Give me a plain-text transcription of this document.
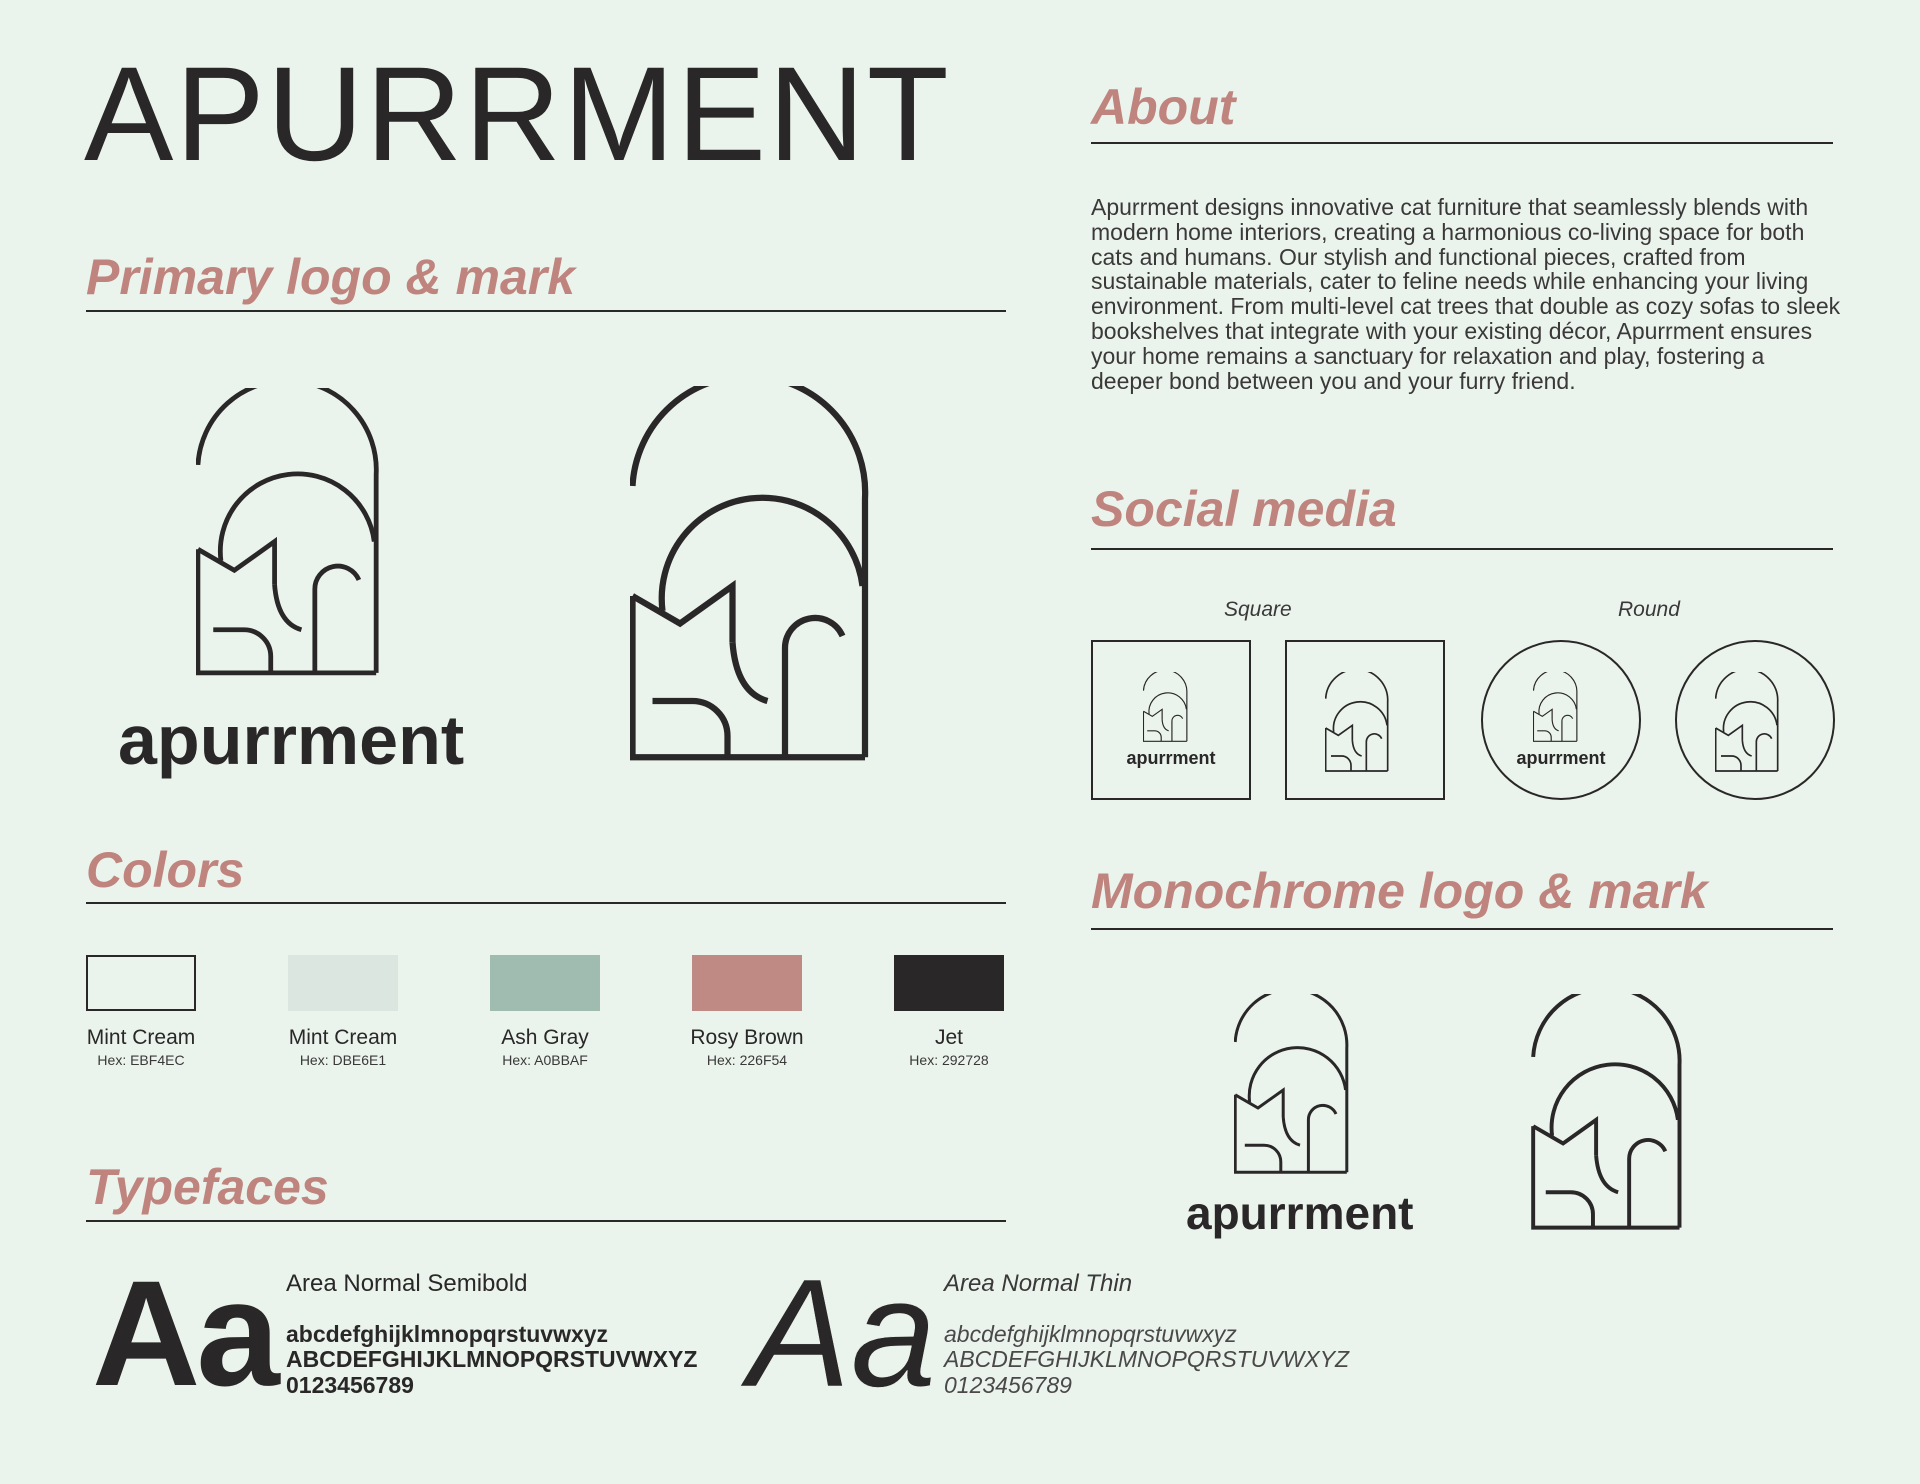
APURRMENT
Primary logo & mark
apurrment
Colors
Mint Cream
Hex: EBF4EC
Mint Cream
Hex: DBE6E1
Ash Gray
Hex: A0BBAF
Rosy Brown
Hex: 226F54
Jet
Hex: 292728
Typefaces
Aa Area Normal Semibold
abcdefghijklmnopqrstuvwxyz
ABCDEFGHIJKLMNOPQRSTUVWXYZ
0123456789 Aa Area Normal Thin
abcdefghijklmnopqrstuvwxyz
ABCDEFGHIJKLMNOPQRSTUVWXYZ
0123456789
About
Apurrment designs innovative cat furniture that seamlessly blends with modern home interiors, creating a harmonious co-living space for both cats and humans. Our stylish and functional pieces, crafted from sustainable materials, cater to feline needs while enhancing your living environment. From multi-level cat trees that double as cozy sofas to sleek bookshelves that integrate with your existing décor, Apurrment ensures your home remains a sanctuary for relaxation and play, fostering a deeper bond between you and your furry friend.
Social media
Square	Round
apurrment	apurrment
Monochrome logo & mark
apurrment
